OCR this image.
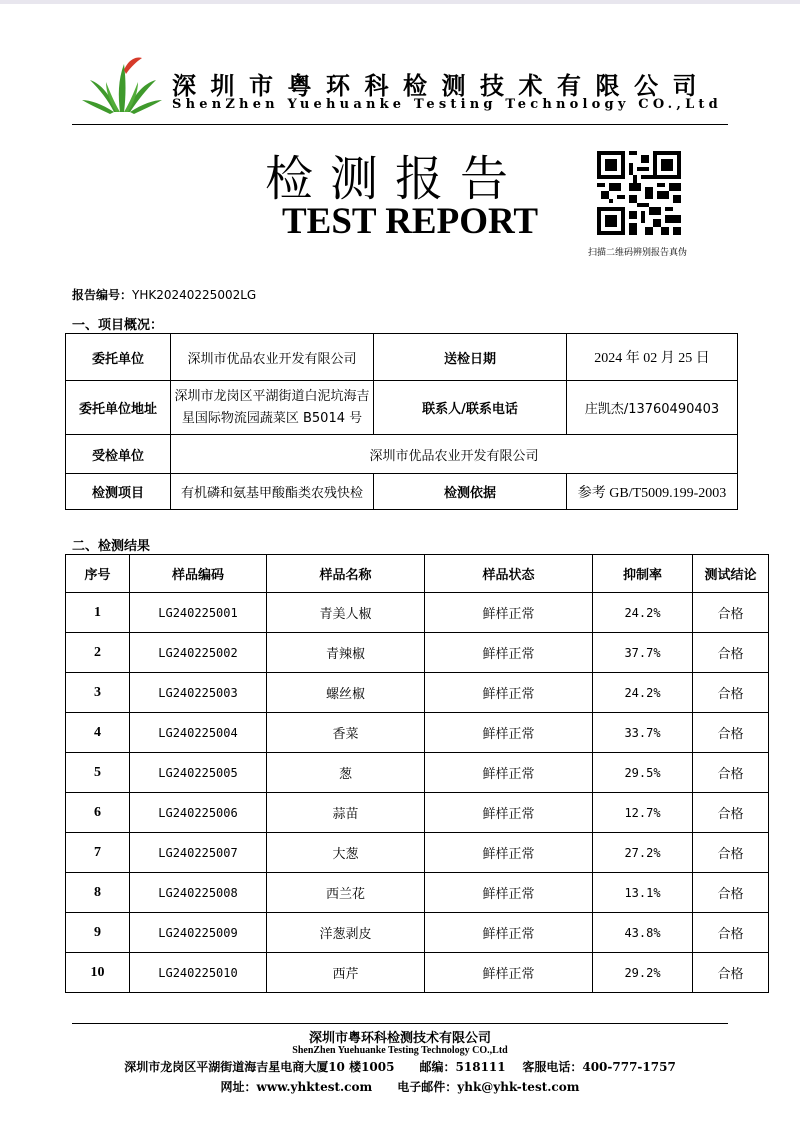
深圳市粤环科检测技术有限公司
ShenZhen Yuehuanke Testing Technology CO.,Ltd
检测报告
TEST REPORT
扫描二维码辨别报告真伪
报告编号：YHK20240225002LG
一、项目概况：
委托单位	深圳市优品农业开发有限公司	送检日期	2024 年 02 月 25 日
委托单位地址	深圳市龙岗区平湖街道白泥坑海吉
星国际物流园蔬菜区 B5014 号	联系人/联系电话	庄凯杰/13760490403
受检单位	深圳市优品农业开发有限公司		
检测项目	有机磷和氨基甲酸酯类农残快检	检测依据	参考 GB/T5009.199-2003
二、检测结果
序号	样品编码	样品名称	样品状态	抑制率	测试结论
1	LG240225001	青美人椒	鲜样正常	24.2%	合格
2	LG240225002	青辣椒	鲜样正常	37.7%	合格
3	LG240225003	螺丝椒	鲜样正常	24.2%	合格
4	LG240225004	香菜	鲜样正常	33.7%	合格
5	LG240225005	葱	鲜样正常	29.5%	合格
6	LG240225006	蒜苗	鲜样正常	12.7%	合格
7	LG240225007	大葱	鲜样正常	27.2%	合格
8	LG240225008	西兰花	鲜样正常	13.1%	合格
9	LG240225009	洋葱剥皮	鲜样正常	43.8%	合格
10	LG240225010	西芹	鲜样正常	29.2%	合格
深圳市粤环科检测技术有限公司
ShenZhen Yuehuanke Testing Technology CO.,Ltd
深圳市龙岗区平湖街道海吉星电商大厦10 楼1005      邮编：518111    客服电话：400-777-1757
网址：www.yhktest.com      电子邮件：yhk@yhk-test.com
